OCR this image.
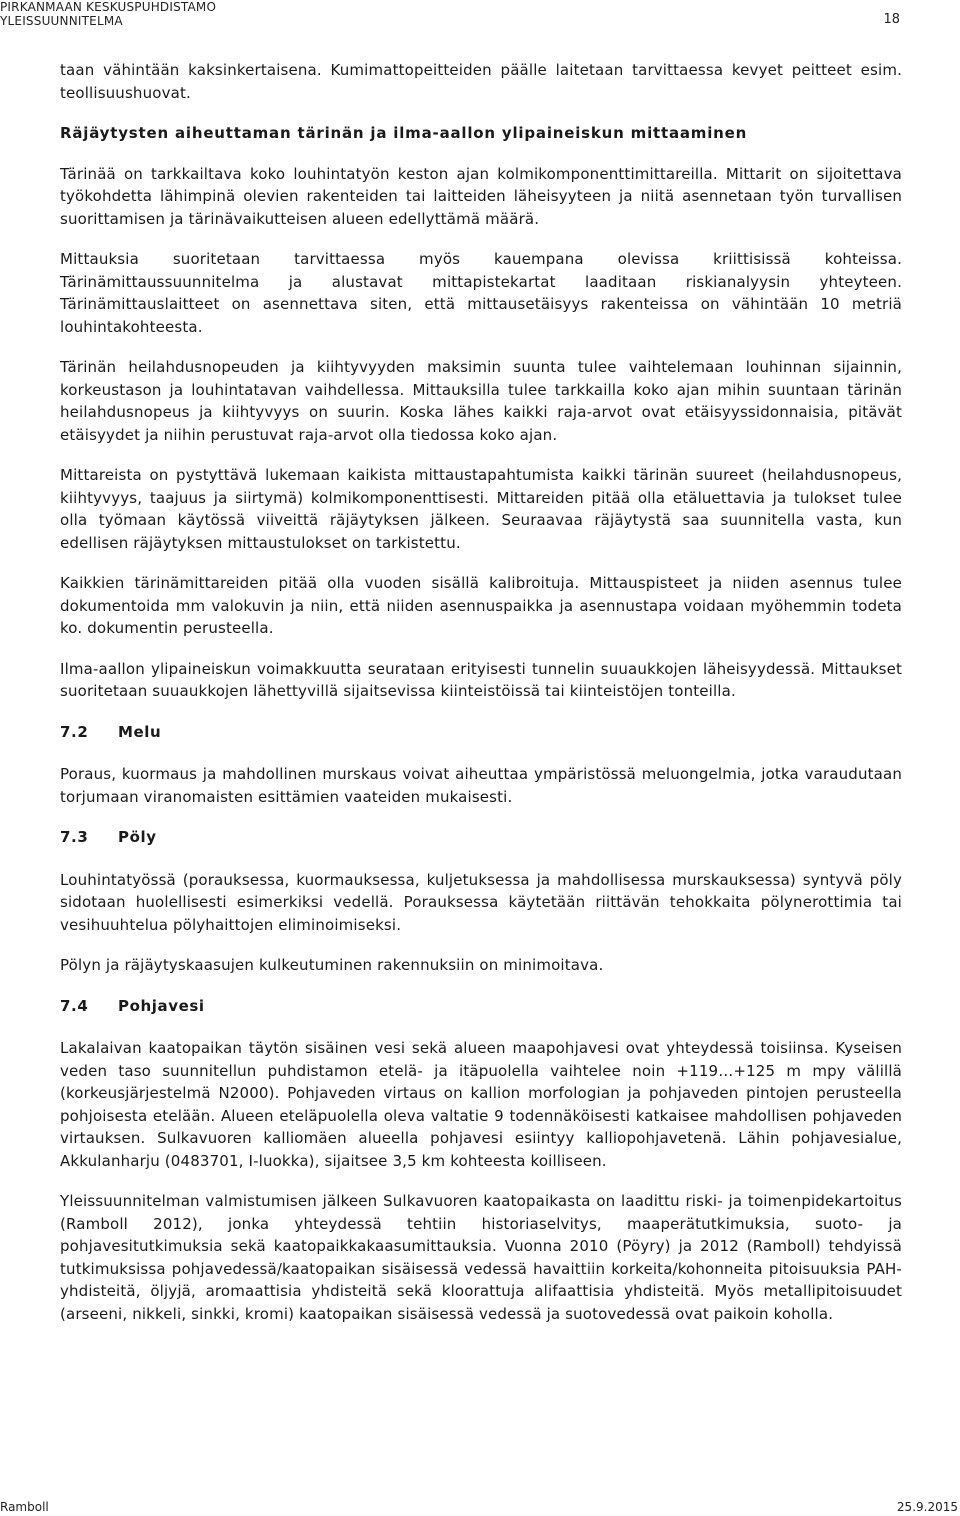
PIRKANMAAN KESKUSPUHDISTAMO
YLEISSUUNNITELMA	18

taan vähintään kaksinkertaisena. Kumimattopeitteiden päälle laitetaan tarvittaessa kevyet peitteet esim. teollisuushuovat.

Räjäytysten aiheuttaman tärinän ja ilma-aallon ylipaineiskun mittaaminen

Tärinää on tarkkailtava koko louhintatyön keston ajan kolmikomponenttimittareilla. Mittarit on sijoitettava työkohdetta lähimpinä olevien rakenteiden tai laitteiden läheisyyteen ja niitä asennetaan työn turvallisen suorittamisen ja tärinävaikutteisen alueen edellyttämä määrä.

Mittauksia suoritetaan tarvittaessa myös kauempana olevissa kriittisissä kohteissa. Tärinämittaussuunnitelma ja alustavat mittapistekartat laaditaan riskianalyysin yhteyteen. Tärinämittauslaitteet on asennettava siten, että mittausetäisyys rakenteissa on vähintään 10 metriä louhintakohteesta.

Tärinän heilahdusnopeuden ja kiihtyvyyden maksimin suunta tulee vaihtelemaan louhinnan sijainnin, korkeustason ja louhintatavan vaihdellessa. Mittauksilla tulee tarkkailla koko ajan mihin suuntaan tärinän heilahdusnopeus ja kiihtyvyys on suurin. Koska lähes kaikki raja-arvot ovat etäisyyssidonnaisia, pitävät etäisyydet ja niihin perustuvat raja-arvot olla tiedossa koko ajan.

Mittareista on pystyttävä lukemaan kaikista mittaustapahtumista kaikki tärinän suureet (heilahdusnopeus, kiihtyvyys, taajuus ja siirtymä) kolmikomponenttisesti. Mittareiden pitää olla etäluettavia ja tulokset tulee olla työmaan käytössä viiveittä räjäytyksen jälkeen. Seuraavaa räjäytystä saa suunnitella vasta, kun edellisen räjäytyksen mittaustulokset on tarkistettu.

Kaikkien tärinämittareiden pitää olla vuoden sisällä kalibroituja. Mittauspisteet ja niiden asennus tulee dokumentoida mm valokuvin ja niin, että niiden asennuspaikka ja asennustapa voidaan myöhemmin todeta ko. dokumentin perusteella.

Ilma-aallon ylipaineiskun voimakkuutta seurataan erityisesti tunnelin suuaukkojen läheisyydessä. Mittaukset suoritetaan suuaukkojen lähettyvillä sijaitsevissa kiinteistöissä tai kiinteistöjen tonteilla.

7.2 Melu

Poraus, kuormaus ja mahdollinen murskaus voivat aiheuttaa ympäristössä meluongelmia, jotka varaudutaan torjumaan viranomaisten esittämien vaateiden mukaisesti.

7.3 Pöly

Louhintatyössä (porauksessa, kuormauksessa, kuljetuksessa ja mahdollisessa murskauksessa) syntyvä pöly sidotaan huolellisesti esimerkiksi vedellä. Porauksessa käytetään riittävän tehokkaita pölynerottimia tai vesihuuhtelua pölyhaittojen eliminoimiseksi.

Pölyn ja räjäytyskaasujen kulkeutuminen rakennuksiin on minimoitava.

7.4 Pohjavesi

Lakalaivan kaatopaikan täytön sisäinen vesi sekä alueen maapohjavesi ovat yhteydessä toisiinsa. Kyseisen veden taso suunnitellun puhdistamon etelä- ja itäpuolella vaihtelee noin +119…+125 m mpy välillä (korkeusjärjestelmä N2000). Pohjaveden virtaus on kallion morfologian ja pohjaveden pintojen perusteella pohjoisesta etelään. Alueen eteläpuolella oleva valtatie 9 todennäköisesti katkaisee mahdollisen pohjaveden virtauksen. Sulkavuoren kalliomäen alueella pohjavesi esiintyy kalliopohjavetenä. Lähin pohjavesialue, Akkulanharju (0483701, I-luokka), sijaitsee 3,5 km kohteesta koilliseen.

Yleissuunnitelman valmistumisen jälkeen Sulkavuoren kaatopaikasta on laadittu riski- ja toimenpidekartoitus (Ramboll 2012), jonka yhteydessä tehtiin historiaselvitys, maaperätutkimuksia, suoto- ja pohjavesitutkimuksia sekä kaatopaikkakaasumittauksia. Vuonna 2010 (Pöyry) ja 2012 (Ramboll) tehdyissä tutkimuksissa pohjavedessä/kaatopaikan sisäisessä vedessä havaittiin korkeita/kohonneita pitoisuuksia PAH-yhdisteitä, öljyjä, aromaattisia yhdisteitä sekä kloorattuja alifaattisia yhdisteitä. Myös metallipitoisuudet (arseeni, nikkeli, sinkki, kromi) kaatopaikan sisäisessä vedessä ja suotovedessä ovat paikoin koholla.

Ramboll	25.9.2015
